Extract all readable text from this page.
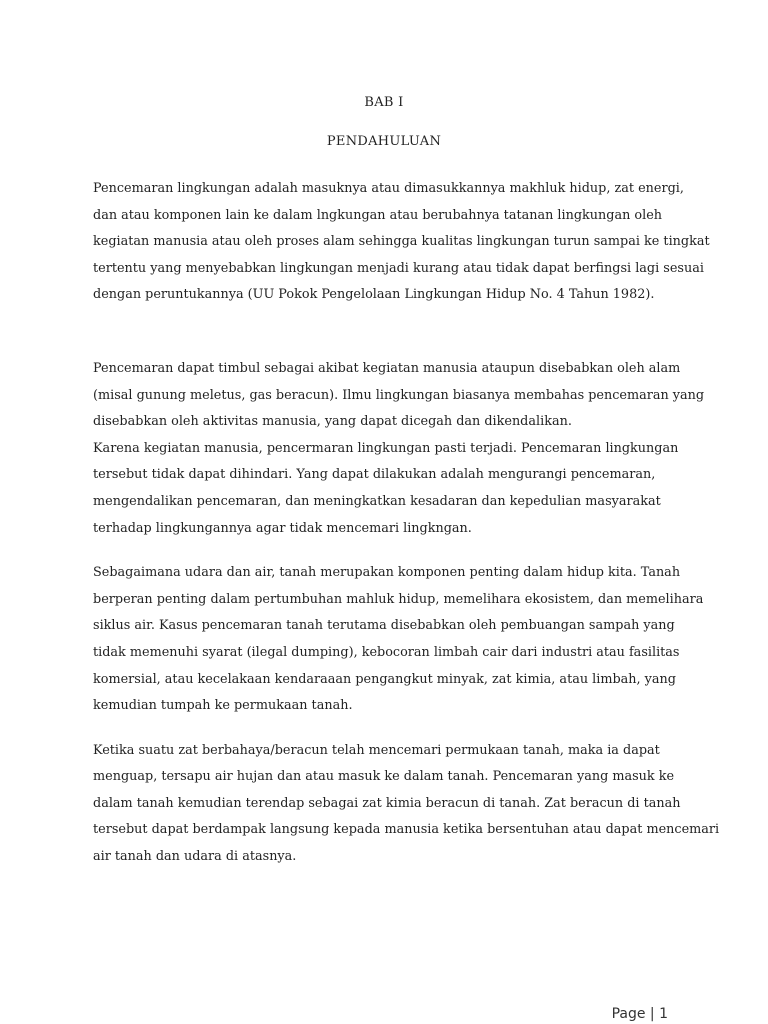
BAB I
PENDAHULUAN
Pencemaran lingkungan adalah masuknya atau dimasukkannya makhluk hidup, zat energi,
dan atau komponen lain ke dalam lngkungan atau berubahnya tatanan lingkungan oleh
kegiatan manusia atau oleh proses alam sehingga kualitas lingkungan turun sampai ke tingkat
tertentu yang menyebabkan lingkungan menjadi kurang atau tidak dapat berfingsi lagi sesuai
dengan peruntukannya (UU Pokok Pengelolaan Lingkungan Hidup No. 4 Tahun 1982).
Pencemaran dapat timbul sebagai akibat kegiatan manusia ataupun disebabkan oleh alam
(misal gunung meletus, gas beracun). Ilmu lingkungan biasanya membahas pencemaran yang
disebabkan oleh aktivitas manusia, yang dapat dicegah dan dikendalikan.
Karena kegiatan manusia, pencermaran lingkungan pasti terjadi. Pencemaran lingkungan
tersebut tidak dapat dihindari. Yang dapat dilakukan adalah mengurangi pencemaran,
mengendalikan pencemaran, dan meningkatkan kesadaran dan kepedulian masyarakat
terhadap lingkungannya agar tidak mencemari lingkngan.
Sebagaimana udara dan air, tanah merupakan komponen penting dalam hidup kita. Tanah
berperan penting dalam pertumbuhan mahluk hidup, memelihara ekosistem, dan memelihara
siklus air. Kasus pencemaran tanah terutama disebabkan oleh pembuangan sampah yang
tidak memenuhi syarat (ilegal dumping), kebocoran limbah cair dari industri atau fasilitas
komersial, atau kecelakaan kendaraaan pengangkut minyak, zat kimia, atau limbah, yang
kemudian tumpah ke permukaan tanah.
Ketika suatu zat berbahaya/beracun telah mencemari permukaan tanah, maka ia dapat
menguap, tersapu air hujan dan atau masuk ke dalam tanah. Pencemaran yang masuk ke
dalam tanah kemudian terendap sebagai zat kimia beracun di tanah. Zat beracun di tanah
tersebut dapat berdampak langsung kepada manusia ketika bersentuhan atau dapat mencemari
air tanah dan udara di atasnya.
Page | 1
